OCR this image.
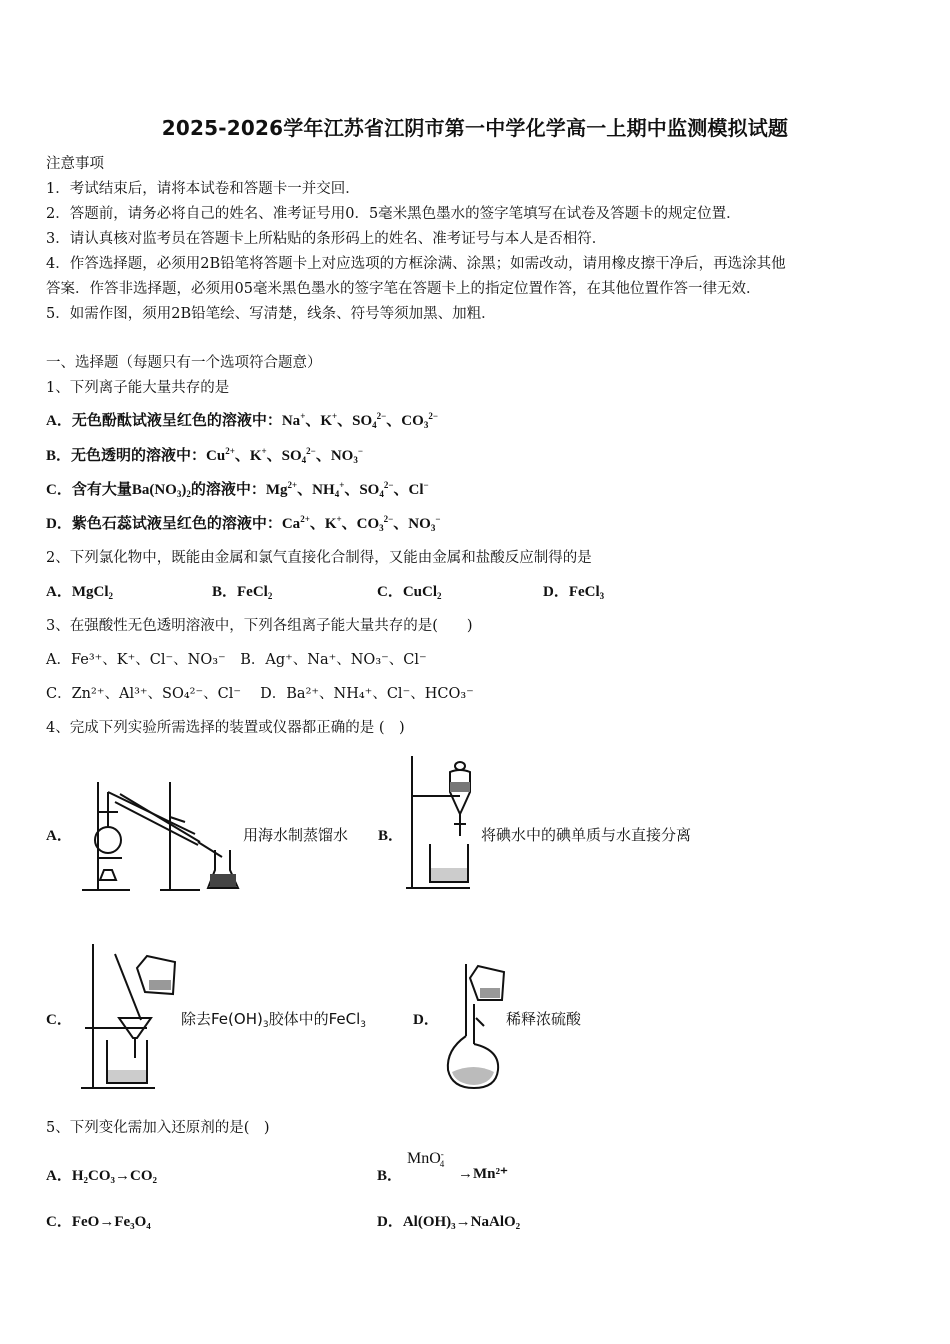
2025-2026学年江苏省江阴市第一中学化学高一上期中监测模拟试题
注意事项
1．考试结束后，请将本试卷和答题卡一并交回．
2．答题前，请务必将自己的姓名、准考证号用0．5毫米黑色墨水的签字笔填写在试卷及答题卡的规定位置．
3．请认真核对监考员在答题卡上所粘贴的条形码上的姓名、准考证号与本人是否相符．
4．作答选择题，必须用2B铅笔将答题卡上对应选项的方框涂满、涂黑；如需改动，请用橡皮擦干净后，再选涂其他
答案．作答非选择题，必须用05毫米黑色墨水的签字笔在答题卡上的指定位置作答，在其他位置作答一律无效．
5．如需作图，须用2B铅笔绘、写清楚，线条、符号等须加黑、加粗．
一、选择题（每题只有一个选项符合题意）
1、下列离子能大量共存的是
A．无色酚酞试液呈红色的溶液中：Na+、K+、$SO_4^{2-}$、$CO_3^{2-}$
B．无色透明的溶液中：$Cu^{2+}$、K+、$SO_4^{2-}$、$NO_3^-$
C．含有大量$Ba(NO_3)_2$的溶液中：$Mg^{2+}$、$NH_4^+$、$SO_4^{2-}$、Cl−
D．紫色石蕊试液呈红色的溶液中：$Ca^{2+}$、K+、$CO_3^{2-}$、$NO_3^-$
2、下列氯化物中，既能由金属和氯气直接化合制得，又能由金属和盐酸反应制得的是
A．MgCl$_2$	B．FeCl$_2$	C．CuCl$_2$	D．FeCl$_3$
3、在强酸性无色透明溶液中，下列各组离子能大量共存的是(　　)
A．Fe³⁺、K⁺、Cl⁻、NO₃⁻　B．Ag⁺、Na⁺、NO₃⁻、Cl⁻
C．Zn²⁺、Al³⁺、SO₄²⁻、Cl⁻　 D．Ba²⁺、NH₄⁺、Cl⁻、HCO₃⁻
4、完成下列实验所需选择的装置或仪器都正确的是 (　)
A．	用海水制蒸馏水 B．	将碘水中的碘单质与水直接分离
C．	除去$Fe(OH)_3$胶体中的FeCl$_3$	D．	稀释浓硫酸
5、下列变化需加入还原剂的是(　)
A．H₂CO₃→CO₂	B．
MnO-$_4$
→Mn²⁺
C．FeO→Fe₃O₄	D．Al(OH)₃→NaAlO₂
